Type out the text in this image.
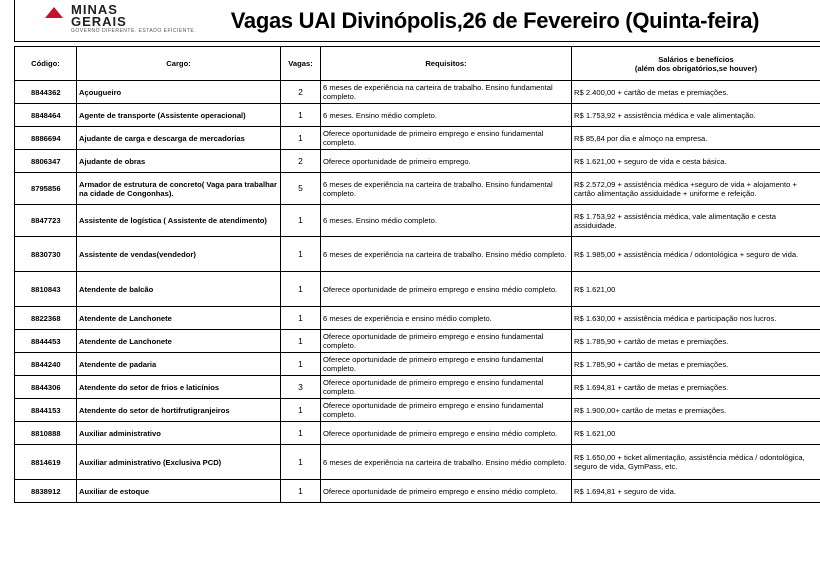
MINAS GERAIS
GOVERNO DIFERENTE. ESTADO EFICIENTE.	Vagas UAI Divinópolis,26 de Fevereiro (Quinta-feira)
Código:	Cargo:	Vagas:	Requisitos:	Salários e benefícios
(além dos obrigatórios,se houver)

8844362	Açougueiro	2	6 meses de experiência na carteira de trabalho. Ensino fundamental completo.	R$ 2.400,00 + cartão de metas e premiações.
8848464	Agente de transporte (Assistente operacional)	1	6 meses. Ensino médio completo.	R$ 1.753,92 + assistência médica e vale alimentação.
8886694	Ajudante de carga e descarga de mercadorias	1	Oferece oportunidade de primeiro emprego e ensino fundamental completo.	R$ 85,84 por dia e almoço na empresa.
8806347	Ajudante de obras	2	Oferece oportunidade de primeiro emprego.	R$ 1.621,00 + seguro de vida e cesta básica.
8795856	Armador de estrutura de concreto( Vaga para trabalhar na cidade de Congonhas).	5	6 meses de experiência na carteira de trabalho. Ensino fundamental completo.	R$ 2.572,09 + assistência médica +seguro de vida + alojamento + cartão alimentação assiduidade + uniforme e refeição.
8847723	Assistente de logística ( Assistente de atendimento)	1	6 meses. Ensino médio completo.	R$ 1.753,92 + assistência médica, vale alimentação e cesta assiduidade.
8830730	Assistente de vendas(vendedor)	1	6 meses de experiência na carteira de trabalho. Ensino médio completo.	R$ 1.985,00 + assistência médica / odontológica + seguro de vida.
8810843	Atendente de balcão	1	Oferece oportunidade de primeiro emprego e ensino médio completo.	R$ 1.621,00
8822368	Atendente de Lanchonete	1	6 meses de experiência e ensino médio completo.	R$ 1.630,00 + assistência médica e participação nos lucros.
8844453	Atendente de Lanchonete	1	Oferece oportunidade de primeiro emprego e ensino fundamental completo.	R$ 1.785,90 + cartão de metas e premiações.
8844240	Atendente de padaria	1	Oferece oportunidade de primeiro emprego e ensino fundamental completo.	R$ 1.785,90 + cartão de metas e premiações.
8844306	Atendente do setor de frios e laticínios	3	Oferece oportunidade de primeiro emprego e ensino fundamental completo.	R$ 1.694,81 + cartão de metas e premiações.
8844153	Atendente do setor de hortifrutigranjeiros	1	Oferece oportunidade de primeiro emprego e ensino fundamental completo.	R$ 1.900,00+ cartão de metas e premiações.
8810888	Auxiliar administrativo	1	Oferece oportunidade de primeiro emprego e ensino médio completo.	R$ 1.621,00
8814619	Auxiliar administrativo (Exclusiva PCD)	1	6 meses de experiência na carteira de trabalho. Ensino médio completo.	R$ 1.650,00 + ticket alimentação, assistência médica / odontológica, seguro de vida, GymPass, etc.
8838912	Auxiliar de estoque	1	Oferece oportunidade de primeiro emprego e ensino médio completo.	R$ 1.694,81 + seguro de vida.
